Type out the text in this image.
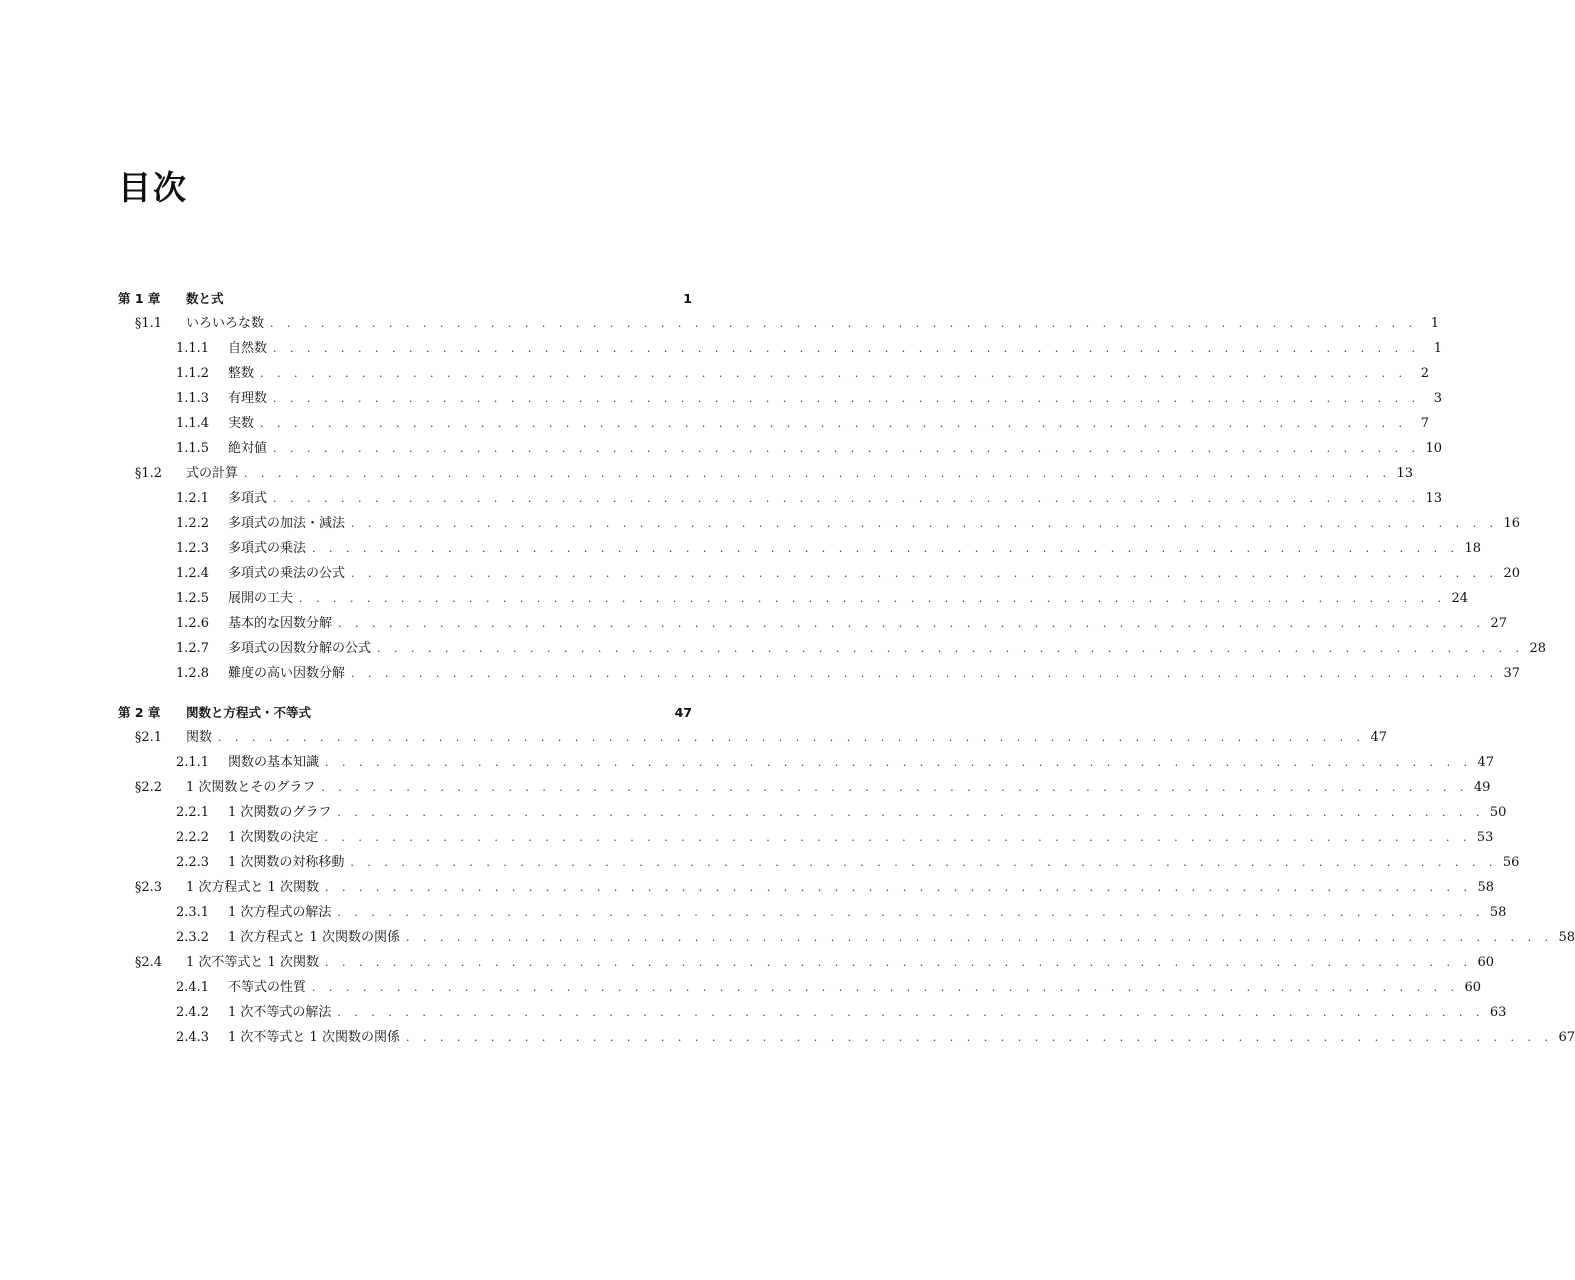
目次
第 1 章	数と式	1
§1.1 いろいろな数 . . . . . . . . . . . . . . . . . . . . . . . . . . . . . . . . . . . . . . . . . . . . . . . . . . . . . . . . . . . . . . . . . . . .	1
1.1.1	自然数 . . . . . . . . . . . . . . . . . . . . . . . . . . . . . . . . . . . . . . . . . . . . . . . . . . . . . . . . . . . . . . . . . . . .	1
1.1.2	整数 . . . . . . . . . . . . . . . . . . . . . . . . . . . . . . . . . . . . . . . . . . . . . . . . . . . . . . . . . . . . . . . . . . . .	2
1.1.3	有理数 . . . . . . . . . . . . . . . . . . . . . . . . . . . . . . . . . . . . . . . . . . . . . . . . . . . . . . . . . . . . . . . . . . . .	3
1.1.4	実数 . . . . . . . . . . . . . . . . . . . . . . . . . . . . . . . . . . . . . . . . . . . . . . . . . . . . . . . . . . . . . . . . . . . .	7
1.1.5	絶対値 . . . . . . . . . . . . . . . . . . . . . . . . . . . . . . . . . . . . . . . . . . . . . . . . . . . . . . . . . . . . . . . . . . . . 10
§1.2 式の計算 . . . . . . . . . . . . . . . . . . . . . . . . . . . . . . . . . . . . . . . . . . . . . . . . . . . . . . . . . . . . . . . . . . . . 13
1.2.1	多項式 . . . . . . . . . . . . . . . . . . . . . . . . . . . . . . . . . . . . . . . . . . . . . . . . . . . . . . . . . . . . . . . . . . . . 13
1.2.2	多項式の加法・減法 . . . . . . . . . . . . . . . . . . . . . . . . . . . . . . . . . . . . . . . . . . . . . . . . . . . . . . . . . . . . . . . . . . . . 16
1.2.3	多項式の乗法 . . . . . . . . . . . . . . . . . . . . . . . . . . . . . . . . . . . . . . . . . . . . . . . . . . . . . . . . . . . . . . . . . . . . 18
1.2.4	多項式の乗法の公式 . . . . . . . . . . . . . . . . . . . . . . . . . . . . . . . . . . . . . . . . . . . . . . . . . . . . . . . . . . . . . . . . . . . . 20
1.2.5	展開の工夫 . . . . . . . . . . . . . . . . . . . . . . . . . . . . . . . . . . . . . . . . . . . . . . . . . . . . . . . . . . . . . . . . . . . . 24
1.2.6	基本的な因数分解 . . . . . . . . . . . . . . . . . . . . . . . . . . . . . . . . . . . . . . . . . . . . . . . . . . . . . . . . . . . . . . . . . . . . 27
1.2.7	多項式の因数分解の公式 . . . . . . . . . . . . . . . . . . . . . . . . . . . . . . . . . . . . . . . . . . . . . . . . . . . . . . . . . . . . . . . . . . . . 28
1.2.8	難度の高い因数分解 . . . . . . . . . . . . . . . . . . . . . . . . . . . . . . . . . . . . . . . . . . . . . . . . . . . . . . . . . . . . . . . . . . . . 37
第 2 章	関数と方程式・不等式	47
§2.1 関数 . . . . . . . . . . . . . . . . . . . . . . . . . . . . . . . . . . . . . . . . . . . . . . . . . . . . . . . . . . . . . . . . . . . . 47
2.1.1	関数の基本知識 . . . . . . . . . . . . . . . . . . . . . . . . . . . . . . . . . . . . . . . . . . . . . . . . . . . . . . . . . . . . . . . . . . . . 47
§2.2 1 次関数とそのグラフ . . . . . . . . . . . . . . . . . . . . . . . . . . . . . . . . . . . . . . . . . . . . . . . . . . . . . . . . . . . . . . . . . . . . 49
2.2.1	1 次関数のグラフ . . . . . . . . . . . . . . . . . . . . . . . . . . . . . . . . . . . . . . . . . . . . . . . . . . . . . . . . . . . . . . . . . . . . 50
2.2.2	1 次関数の決定 . . . . . . . . . . . . . . . . . . . . . . . . . . . . . . . . . . . . . . . . . . . . . . . . . . . . . . . . . . . . . . . . . . . . 53
2.2.3	1 次関数の対称移動 . . . . . . . . . . . . . . . . . . . . . . . . . . . . . . . . . . . . . . . . . . . . . . . . . . . . . . . . . . . . . . . . . . . . 56
§2.3 1 次方程式と 1 次関数 . . . . . . . . . . . . . . . . . . . . . . . . . . . . . . . . . . . . . . . . . . . . . . . . . . . . . . . . . . . . . . . . . . . . 58
2.3.1	1 次方程式の解法 . . . . . . . . . . . . . . . . . . . . . . . . . . . . . . . . . . . . . . . . . . . . . . . . . . . . . . . . . . . . . . . . . . . . 58
2.3.2	1 次方程式と 1 次関数の関係 . . . . . . . . . . . . . . . . . . . . . . . . . . . . . . . . . . . . . . . . . . . . . . . . . . . . . . . . . . . . . . . . . . . . 58
§2.4 1 次不等式と 1 次関数 . . . . . . . . . . . . . . . . . . . . . . . . . . . . . . . . . . . . . . . . . . . . . . . . . . . . . . . . . . . . . . . . . . . . 60
2.4.1	不等式の性質 . . . . . . . . . . . . . . . . . . . . . . . . . . . . . . . . . . . . . . . . . . . . . . . . . . . . . . . . . . . . . . . . . . . . 60
2.4.2	1 次不等式の解法 . . . . . . . . . . . . . . . . . . . . . . . . . . . . . . . . . . . . . . . . . . . . . . . . . . . . . . . . . . . . . . . . . . . . 63
2.4.3	1 次不等式と 1 次関数の関係 . . . . . . . . . . . . . . . . . . . . . . . . . . . . . . . . . . . . . . . . . . . . . . . . . . . . . . . . . . . . . . . . . . . . 67
